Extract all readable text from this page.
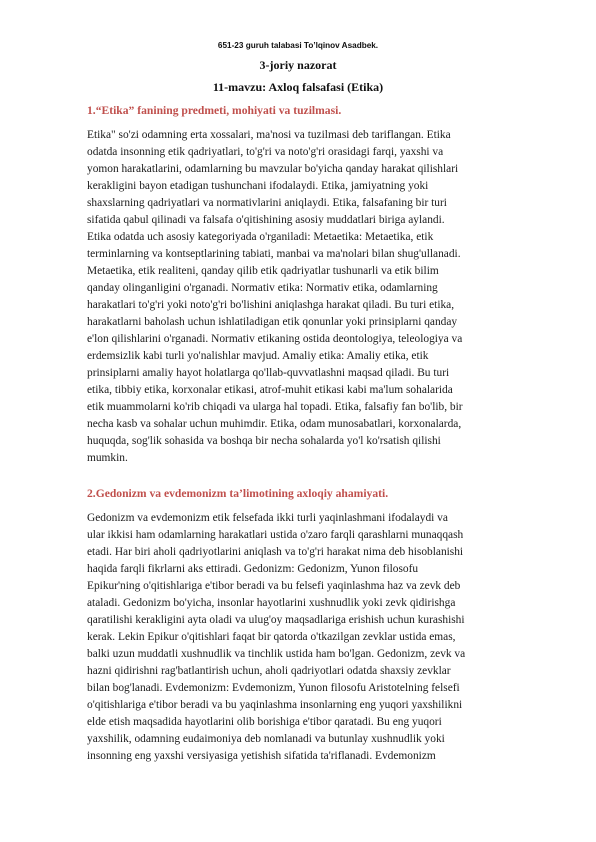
651-23 guruh talabasi To’lqinov Asadbek.
3-joriy nazorat
11-mavzu: Axloq falsafasi (Etika)
1.“Etika” fanining predmeti, mohiyati va tuzilmasi.
Etika" so'zi odamning erta xossalari, ma'nosi va tuzilmasi deb tariflangan. Etika
odatda insonning etik qadriyatlari, to'g'ri va noto'g'ri orasidagi farqi, yaxshi va
yomon harakatlarini, odamlarning bu mavzular bo'yicha qanday harakat qilishlari
kerakligini bayon etadigan tushunchani ifodalaydi. Etika, jamiyatning yoki
shaxslarning qadriyatlari va normativlarini aniqlaydi. Etika, falsafaning bir turi
sifatida qabul qilinadi va falsafa o'qitishining asosiy muddatlari biriga aylandi.
Etika odatda uch asosiy kategoriyada o'rganiladi: Metaetika: Metaetika, etik
terminlarning va kontseptlarining tabiati, manbai va ma'nolari bilan shug'ullanadi.
Metaetika, etik realiteni, qanday qilib etik qadriyatlar tushunarli va etik bilim
qanday olinganligini o'rganadi. Normativ etika: Normativ etika, odamlarning
harakatlari to'g'ri yoki noto'g'ri bo'lishini aniqlashga harakat qiladi. Bu turi etika,
harakatlarni baholash uchun ishlatiladigan etik qonunlar yoki prinsiplarni qanday
e'lon qilishlarini o'rganadi. Normativ etikaning ostida deontologiya, teleologiya va
erdemsizlik kabi turli yo'nalishlar mavjud. Amaliy etika: Amaliy etika, etik
prinsiplarni amaliy hayot holatlarga qo'llab-quvvatlashni maqsad qiladi. Bu turi
etika, tibbiy etika, korxonalar etikasi, atrof-muhit etikasi kabi ma'lum sohalarida
etik muammolarni ko'rib chiqadi va ularga hal topadi. Etika, falsafiy fan bo'lib, bir
necha kasb va sohalar uchun muhimdir. Etika, odam munosabatlari, korxonalarda,
huquqda, sog'lik sohasida va boshqa bir necha sohalarda yo'l ko'rsatish qilishi
mumkin.
2.Gedonizm va evdemonizm ta’limotining axloqiy ahamiyati.
Gedonizm va evdemonizm etik felsefada ikki turli yaqinlashmani ifodalaydi va
ular ikkisi ham odamlarning harakatlari ustida o'zaro farqli qarashlarni munaqqash
etadi. Har biri aholi qadriyotlarini aniqlash va to'g'ri harakat nima deb hisoblanishi
haqida farqli fikrlarni aks ettiradi. Gedonizm: Gedonizm, Yunon filosofu
Epikur'ning o'qitishlariga e'tibor beradi va bu felsefi yaqinlashma haz va zevk deb
ataladi. Gedonizm bo'yicha, insonlar hayotlarini xushnudlik yoki zevk qidirishga
qaratilishi kerakligini ayta oladi va ulug'oy maqsadlariga erishish uchun kurashishi
kerak. Lekin Epikur o'qitishlari faqat bir qatorda o'tkazilgan zevklar ustida emas,
balki uzun muddatli xushnudlik va tinchlik ustida ham bo'lgan. Gedonizm, zevk va
hazni qidirishni rag'batlantirish uchun, aholi qadriyotlari odatda shaxsiy zevklar
bilan bog'lanadi. Evdemonizm: Evdemonizm, Yunon filosofu Aristotelning felsefi
o'qitishlariga e'tibor beradi va bu yaqinlashma insonlarning eng yuqori yaxshilikni
elde etish maqsadida hayotlarini olib borishiga e'tibor qaratadi. Bu eng yuqori
yaxshilik, odamning eudaimoniya deb nomlanadi va butunlay xushnudlik yoki
insonning eng yaxshi versiyasiga yetishish sifatida ta'riflanadi. Evdemonizm
